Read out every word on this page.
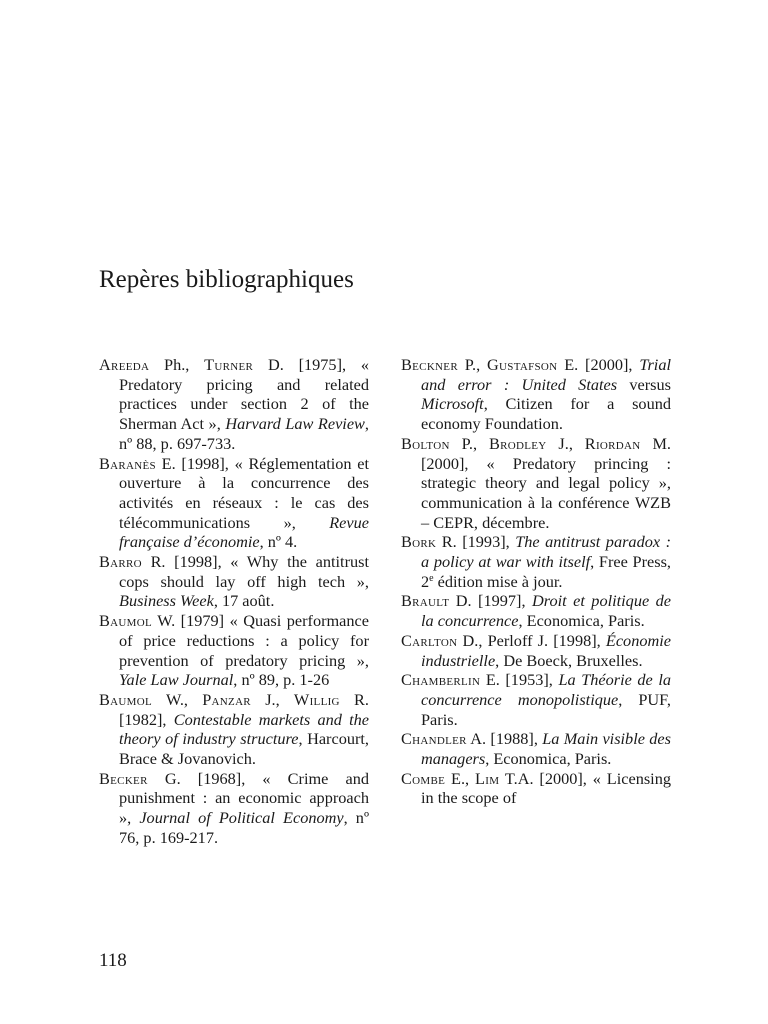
Repères bibliographiques

Areeda Ph., Turner D. [1975], « Predatory pricing and related practices under section 2 of the Sherman Act », Harvard Law Review, nº 88, p. 697-733.

Baranès E. [1998], « Réglementation et ouverture à la concurrence des activités en réseaux : le cas des télécommunications », Revue française d’économie, nº 4.

Barro R. [1998], « Why the antitrust cops should lay off high tech », Business Week, 17 août.

Baumol W. [1979] « Quasi performance of price reductions : a policy for prevention of predatory pricing », Yale Law Journal, nº 89, p. 1-26

Baumol W., Panzar J., Willig R. [1982], Contestable markets and the theory of industry structure, Harcourt, Brace & Jovanovich.

Becker G. [1968], « Crime and punishment : an economic approach », Journal of Political Economy, nº 76, p. 169-217.

Beckner P., Gustafson E. [2000], Trial and error : United States versus Microsoft, Citizen for a sound economy Foundation.

Bolton P., Brodley J., Riordan M. [2000], « Predatory princing : strategic theory and legal policy », communication à la conférence WZB – CEPR, décembre.

Bork R. [1993], The antitrust paradox : a policy at war with itself, Free Press, 2e édition mise à jour.

Brault D. [1997], Droit et politique de la concurrence, Economica, Paris.

Carlton D., Perloff J. [1998], Économie industrielle, De Boeck, Bruxelles.

Chamberlin E. [1953], La Théorie de la concurrence monopolistique, PUF, Paris.

Chandler A. [1988], La Main visible des managers, Economica, Paris.

Combe E., Lim T.A. [2000], « Licensing in the scope of

118
